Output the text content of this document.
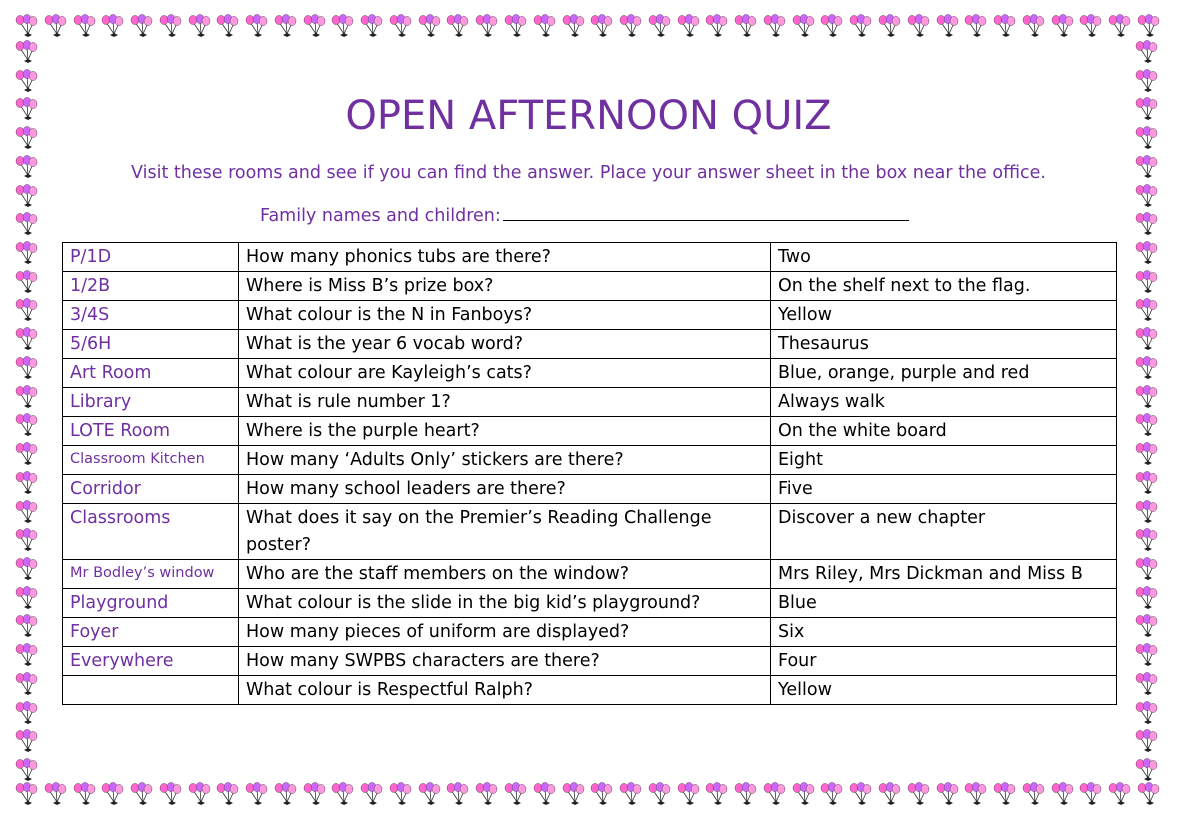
OPEN AFTERNOON QUIZ
Visit these rooms and see if you can find the answer. Place your answer sheet in the box near the office.
Family names and children:
P/1D	How many phonics tubs are there?	Two
1/2B	Where is Miss B’s prize box?	On the shelf next to the flag.
3/4S	What colour is the N in Fanboys?	Yellow
5/6H	What is the year 6 vocab word?	Thesaurus
Art Room	What colour are Kayleigh’s cats?	Blue, orange, purple and red
Library	What is rule number 1?	Always walk
LOTE Room	Where is the purple heart?	On the white board
Classroom Kitchen	How many ‘Adults Only’ stickers are there?	Eight
Corridor	How many school leaders are there?	Five
Classrooms	What does it say on the Premier’s Reading Challenge poster?	Discover a new chapter
Mr Bodley’s window	Who are the staff members on the window?	Mrs Riley, Mrs Dickman and Miss B
Playground	What colour is the slide in the big kid’s playground?	Blue
Foyer	How many pieces of uniform are displayed?	Six
Everywhere	How many SWPBS characters are there?	Four
	What colour is Respectful Ralph?	Yellow
